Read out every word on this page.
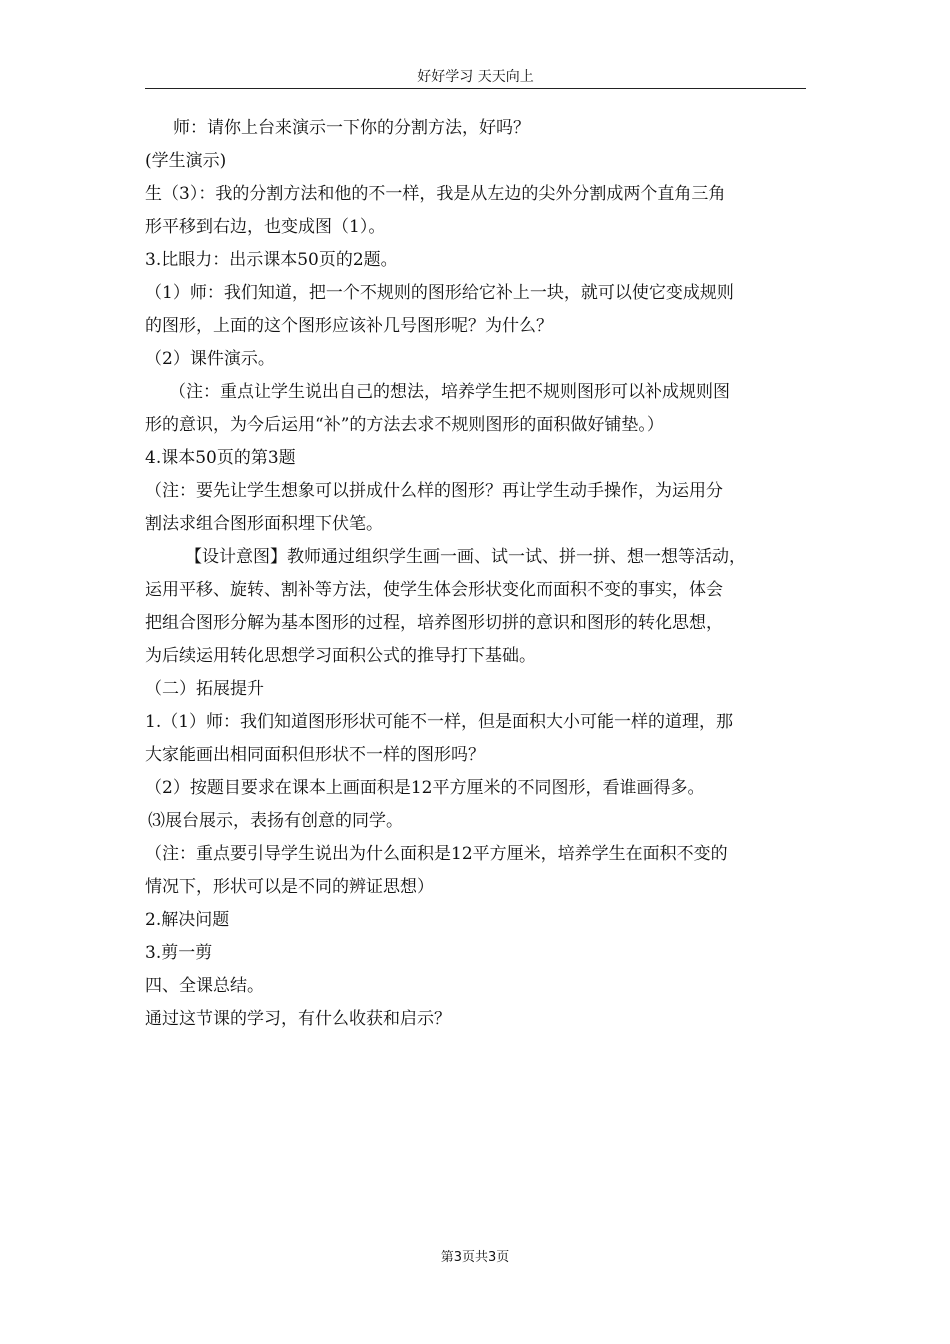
好好学习 天天向上
师：请你上台来演示一下你的分割方法，好吗？
(学生演示)
生（3）：我的分割方法和他的不一样，我是从左边的尖外分割成两个直角三角
形平移到右边，也变成图（1）。
3.比眼力：出示课本50页的2题。
（1）师：我们知道，把一个不规则的图形给它补上一块，就可以使它变成规则
的图形，上面的这个图形应该补几号图形呢？为什么？
（2）课件演示。
（注：重点让学生说出自己的想法，培养学生把不规则图形可以补成规则图
形的意识，为今后运用“补”的方法去求不规则图形的面积做好铺垫。）
4.课本50页的第3题
（注：要先让学生想象可以拼成什么样的图形？再让学生动手操作，为运用分
割法求组合图形面积埋下伏笔。
【设计意图】教师通过组织学生画一画、试一试、拼一拼、想一想等活动，
运用平移、旋转、割补等方法，使学生体会形状变化而面积不变的事实，体会
把组合图形分解为基本图形的过程，培养图形切拼的意识和图形的转化思想，
为后续运用转化思想学习面积公式的推导打下基础。
（二）拓展提升
1.（1）师：我们知道图形形状可能不一样，但是面积大小可能一样的道理，那
大家能画出相同面积但形状不一样的图形吗？
（2）按题目要求在课本上画面积是12平方厘米的不同图形，看谁画得多。
⑶展台展示，表扬有创意的同学。
（注：重点要引导学生说出为什么面积是12平方厘米，培养学生在面积不变的
情况下，形状可以是不同的辨证思想）
2.解决问题
3.剪一剪
四、全课总结。
通过这节课的学习，有什么收获和启示？
第3页共3页
